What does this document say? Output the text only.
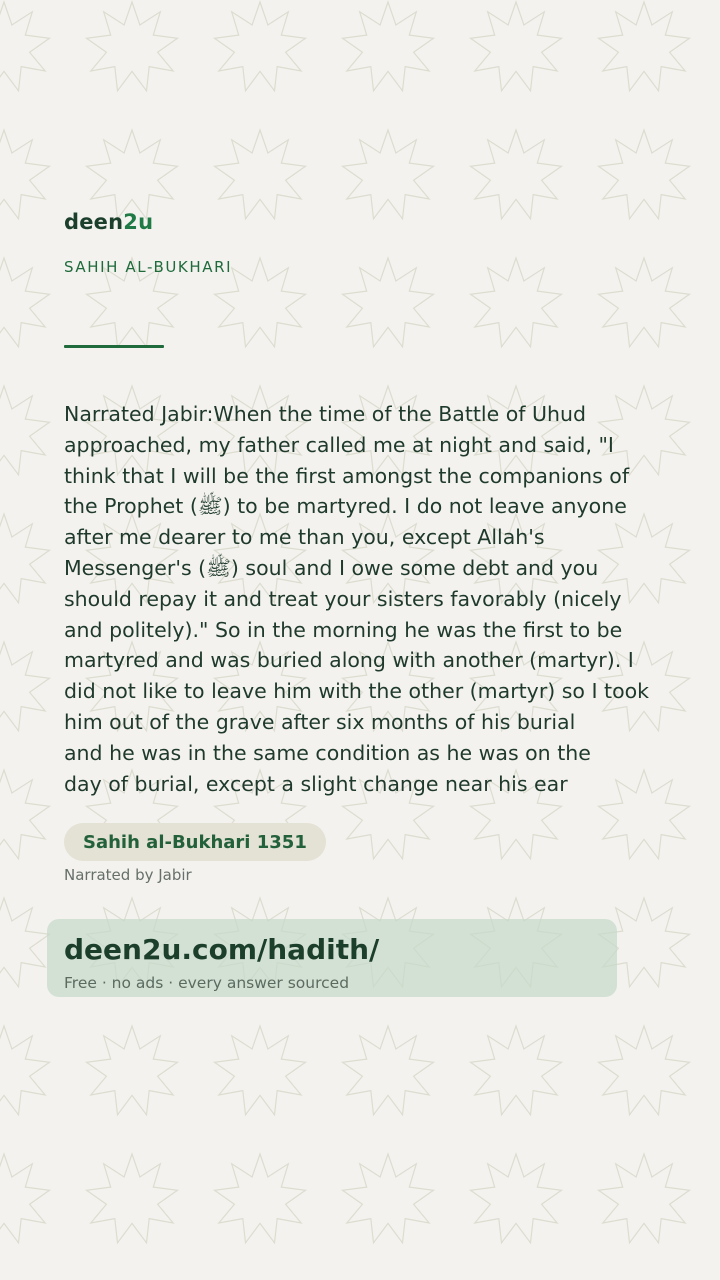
deen2u
SAHIH AL-BUKHARI

Narrated Jabir:When the time of the Battle of Uhud
approached, my father called me at night and said, "I
think that I will be the first amongst the companions of
the Prophet (ﷺ) to be martyred. I do not leave anyone
after me dearer to me than you, except Allah's
Messenger's (ﷺ) soul and I owe some debt and you
should repay it and treat your sisters favorably (nicely
and politely)." So in the morning he was the first to be
martyred and was buried along with another (martyr). I
did not like to leave him with the other (martyr) so I took
him out of the grave after six months of his burial
and he was in the same condition as he was on the
day of burial, except a slight change near his ear

Sahih al-Bukhari 1351
Narrated by Jabir
deen2u.com/hadith/
Free · no ads · every answer sourced
